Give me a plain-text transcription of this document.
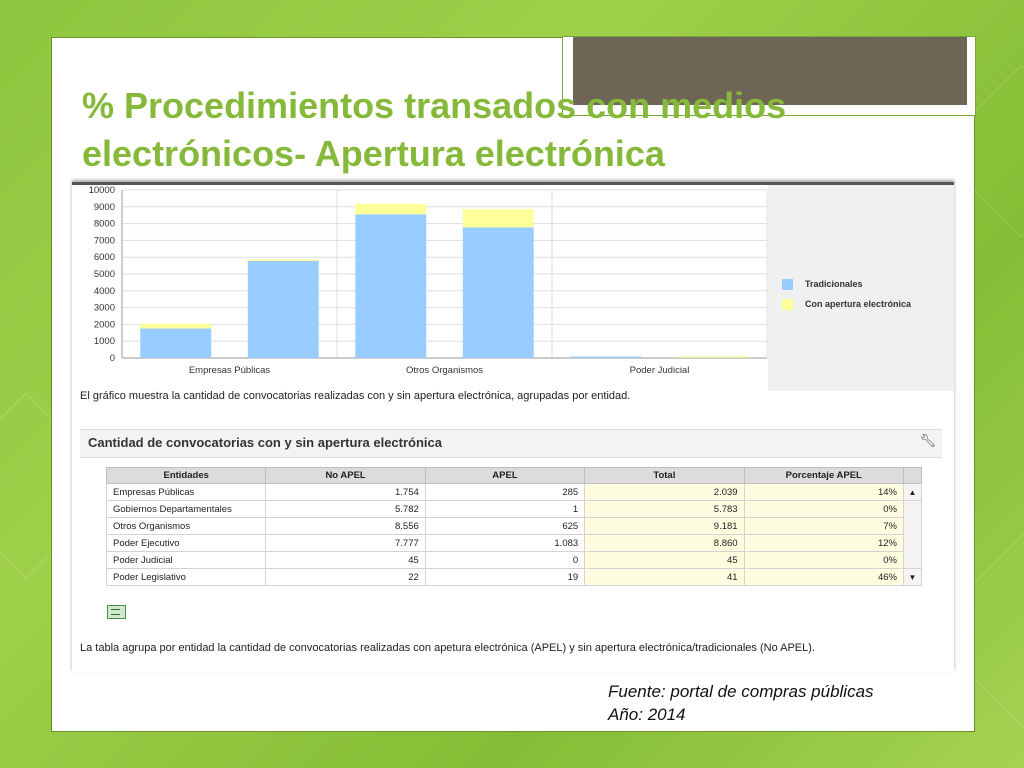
% Procedimientos transados con medios electrónicos- Apertura electrónica
0
1000
2000
3000
4000
5000
6000
7000
8000
9000
10000
Empresas Públicas	Otros Organismos	Poder Judicial
Tradicionales
Con apertura electrónica
El gráfico muestra la cantidad de convocatorias realizadas con y sin apertura electrónica, agrupadas por entidad.
Cantidad de convocatorias con y sin apertura electrónica	🔧︎
Entidades	No APEL	APEL	Total	Porcentaje APEL	
Empresas Públicas	1.754	285	2.039	14%	▲
Gobiernos Departamentales	5.782	1	5.783	0%	
Otros Organismos	8.556	625	9.181	7%	
Poder Ejecutivo	7.777	1.083	8.860	12%	
Poder Judicial	45	0	45	0%	
Poder Legislativo	22	19	41	46%	▼
La tabla agrupa por entidad la cantidad de convocatorias realizadas con apetura electrónica (APEL) y sin apertura electrónica/tradicionales (No APEL).
Fuente: portal de compras públicas
Año: 2014
